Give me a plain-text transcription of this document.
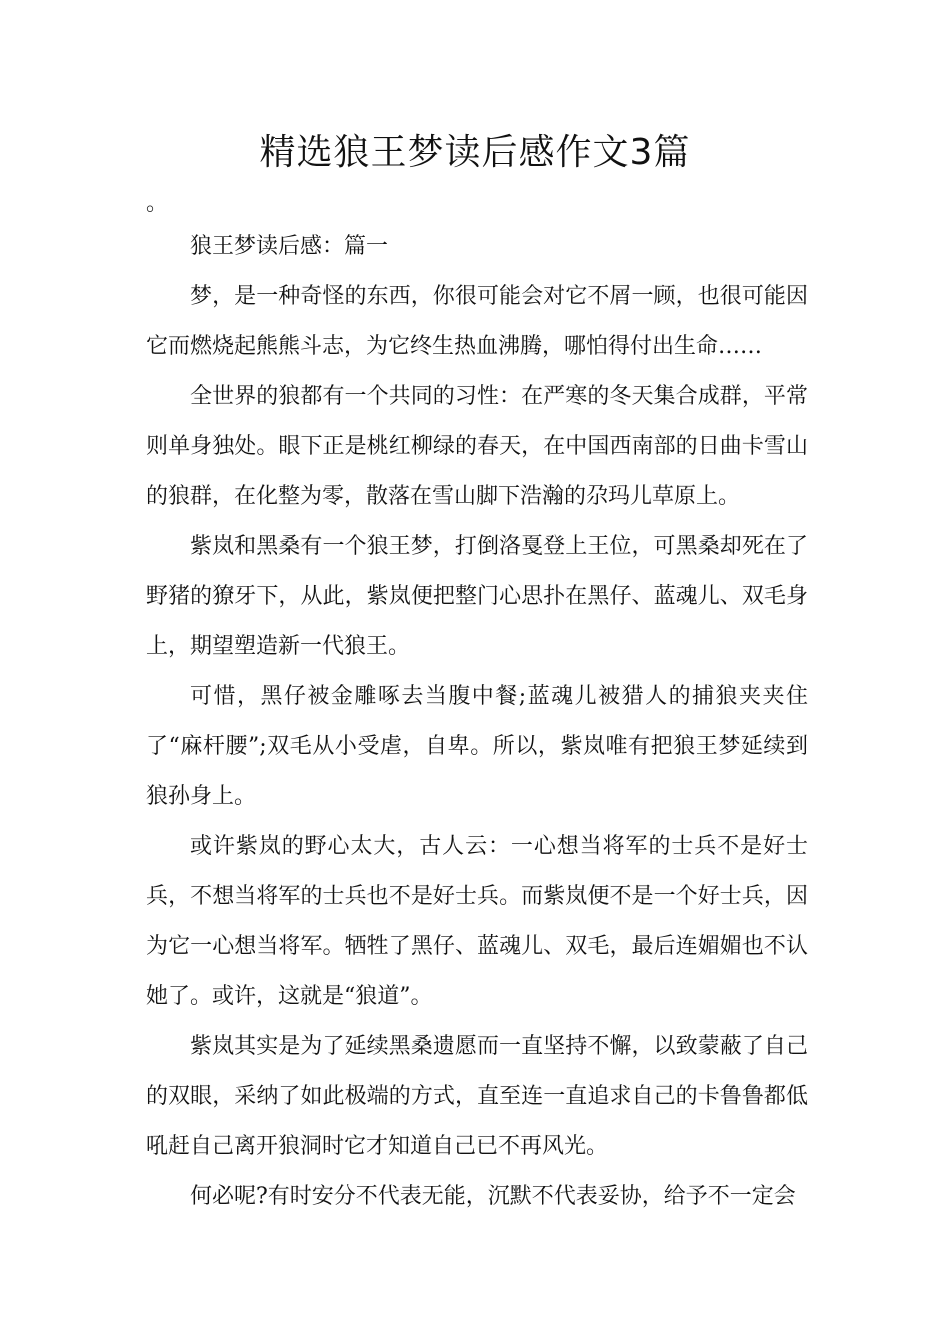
精选狼王梦读后感作文3篇

。

狼王梦读后感：篇一

梦，是一种奇怪的东西，你很可能会对它不屑一顾，也很可能因它而燃烧起熊熊斗志，为它终生热血沸腾，哪怕得付出生命……

全世界的狼都有一个共同的习性：在严寒的冬天集合成群，平常则单身独处。眼下正是桃红柳绿的春天，在中国西南部的日曲卡雪山的狼群，在化整为零，散落在雪山脚下浩瀚的尕玛儿草原上。

紫岚和黑桑有一个狼王梦，打倒洛戛登上王位，可黑桑却死在了野猪的獠牙下，从此，紫岚便把整门心思扑在黑仔、蓝魂儿、双毛身上，期望塑造新一代狼王。

可惜，黑仔被金雕啄去当腹中餐;蓝魂儿被猎人的捕狼夹夹住了“麻杆腰”;双毛从小受虐，自卑。所以，紫岚唯有把狼王梦延续到狼孙身上。

或许紫岚的野心太大，古人云：一心想当将军的士兵不是好士兵，不想当将军的士兵也不是好士兵。而紫岚便不是一个好士兵，因为它一心想当将军。牺牲了黑仔、蓝魂儿、双毛，最后连媚媚也不认她了。或许，这就是“狼道”。

紫岚其实是为了延续黑桑遗愿而一直坚持不懈，以致蒙蔽了自己的双眼，采纳了如此极端的方式，直至连一直追求自己的卡鲁鲁都低吼赶自己离开狼洞时它才知道自己已不再风光。

何必呢?有时安分不代表无能，沉默不代表妥协，给予不一定会
